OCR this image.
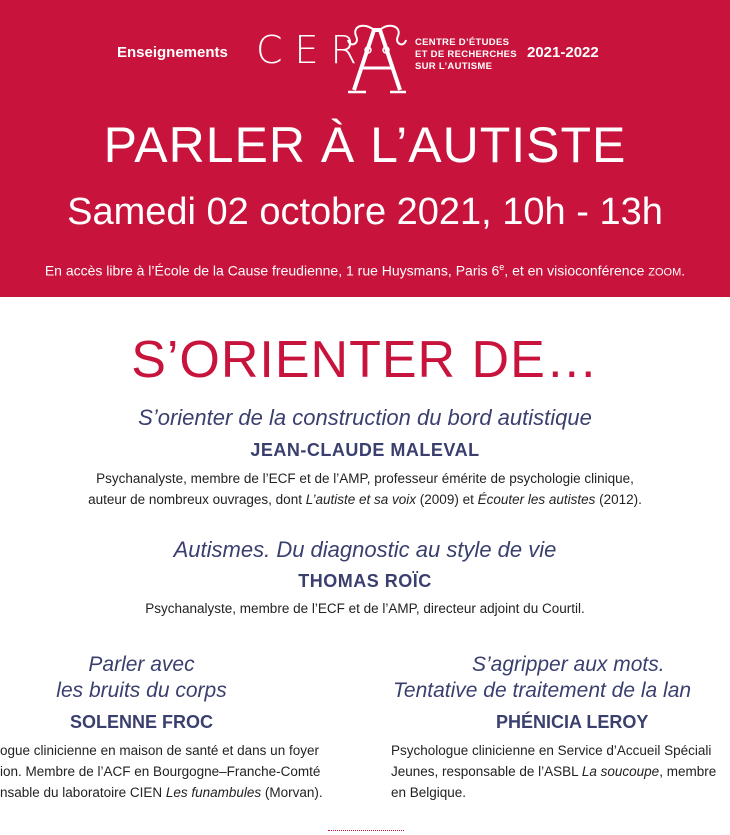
Enseignements CER	CENTRE D’ÉTUDES
ET DE RECHERCHES
SUR L’AUTISME
2021-2022
PARLER À L’AUTISTE
Samedi 02 octobre 2021, 10h - 13h
En accès libre à l’École de la Cause freudienne, 1 rue Huysmans, Paris 6e, et en visioconférence ZOOM.
S’ORIENTER DE…
S’orienter de la construction du bord autistique
JEAN-CLAUDE MALEVAL
Psychanalyste, membre de l’ECF et de l’AMP, professeur émérite de psychologie clinique,
auteur de nombreux ouvrages, dont L’autiste et sa voix (2009) et Écouter les autistes (2012).
Autismes. Du diagnostic au style de vie
THOMAS ROÏC
Psychanalyste, membre de l’ECF et de l’AMP, directeur adjoint du Courtil.
Parler avec
les bruits du corps
SOLENNE FROC
ogue clinicienne en maison de santé et dans un foyer
ion. Membre de l’ACF en Bourgogne–Franche-Comté
nsable du laboratoire CIEN Les funambules (Morvan).
S’agripper aux mots.
Tentative de traitement de la lan
PHÉNICIA LEROY
Psychologue clinicienne en Service d’Accueil Spéciali
Jeunes, responsable de l’ASBL La soucoupe, membre
en Belgique.
